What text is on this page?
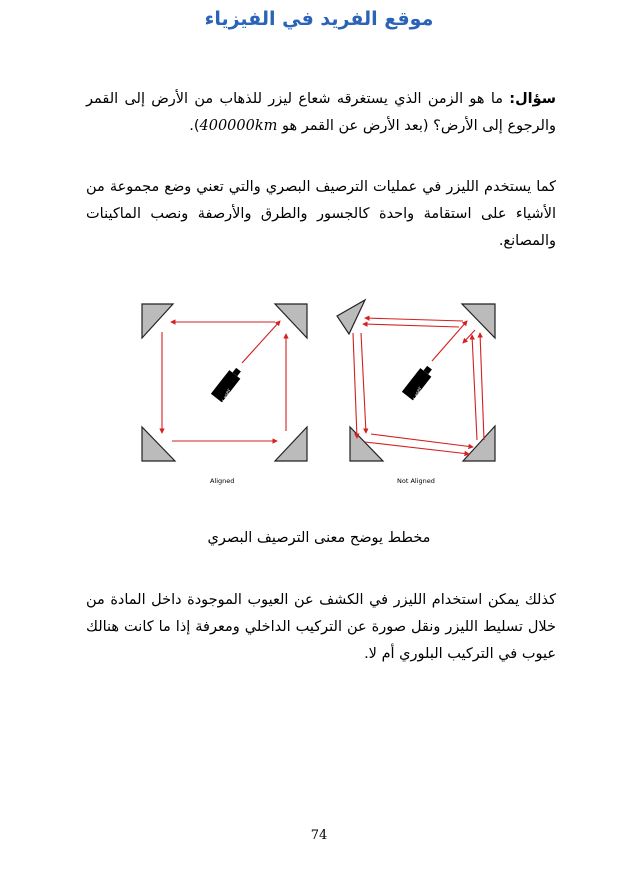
موقع الفريد في الفيزياء
سؤال: ما هو الزمن الذي يستغرقه شعاع ليزر للذهاب من الأرض إلى القمر والرجوع إلى الأرض؟ (بعد الأرض عن القمر هو 400000km).
كما يستخدم الليزر في عمليات الترصيف البصري والتي تعني وضع مجموعة من الأشياء على استقامة واحدة كالجسور والطرق والأرصفة ونصب الماكينات والمصانع.
Laser	Laser
Aligned	Not Aligned
مخطط يوضح معنى الترصيف البصري
كذلك يمكن استخدام الليزر في الكشف عن العيوب الموجودة داخل المادة من خلال تسليط الليزر ونقل صورة عن التركيب الداخلي ومعرفة إذا ما كانت هنالك عيوب في التركيب البلوري أم لا.
74
